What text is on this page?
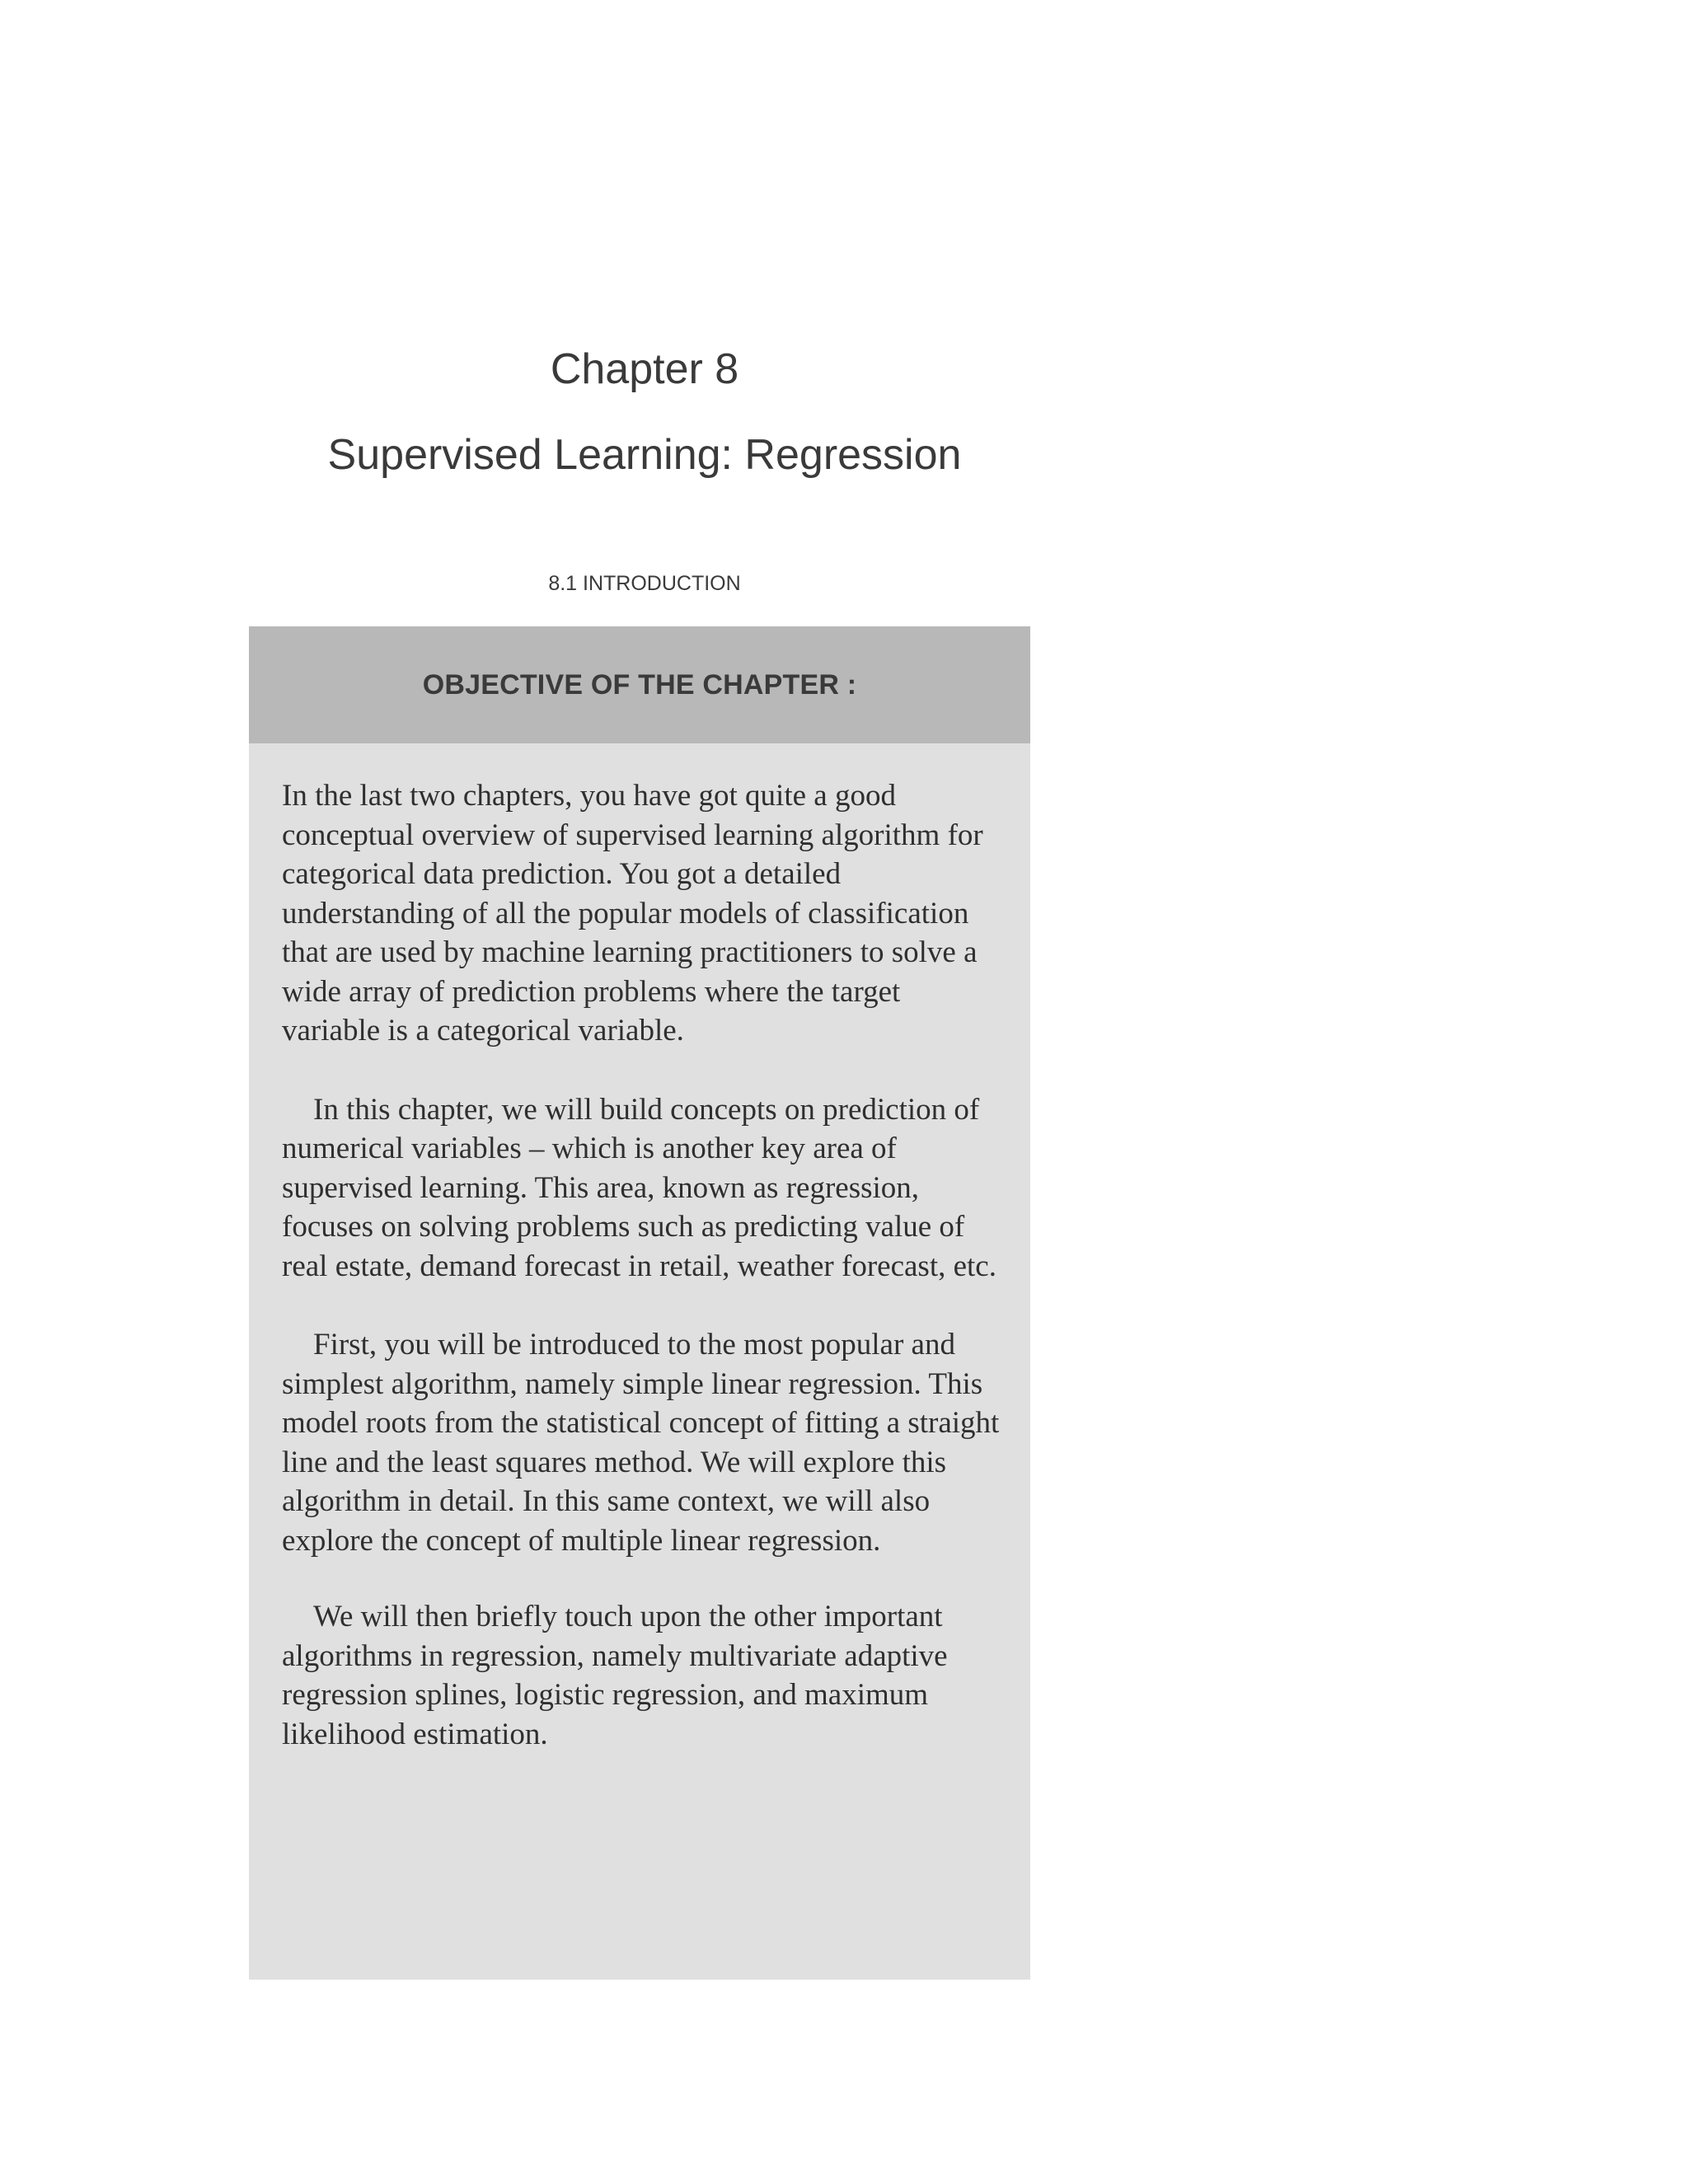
Chapter 8
Supervised Learning: Regression
8.1 INTRODUCTION
OBJECTIVE OF THE CHAPTER :

In the last two chapters, you have got quite a good conceptual overview of supervised learning algorithm for categorical data prediction. You got a detailed understanding of all the popular models of classification that are used by machine learning practitioners to solve a wide array of prediction problems where the target variable is a categorical variable.

In this chapter, we will build concepts on prediction of numerical variables – which is another key area of supervised learning. This area, known as regression, focuses on solving problems such as predicting value of real estate, demand forecast in retail, weather forecast, etc.

First, you will be introduced to the most popular and simplest algorithm, namely simple linear regression. This model roots from the statistical concept of fitting a straight line and the least squares method. We will explore this algorithm in detail. In this same context, we will also explore the concept of multiple linear regression.

We will then briefly touch upon the other important algorithms in regression, namely multivariate adaptive regression splines, logistic regression, and maximum likelihood estimation.
